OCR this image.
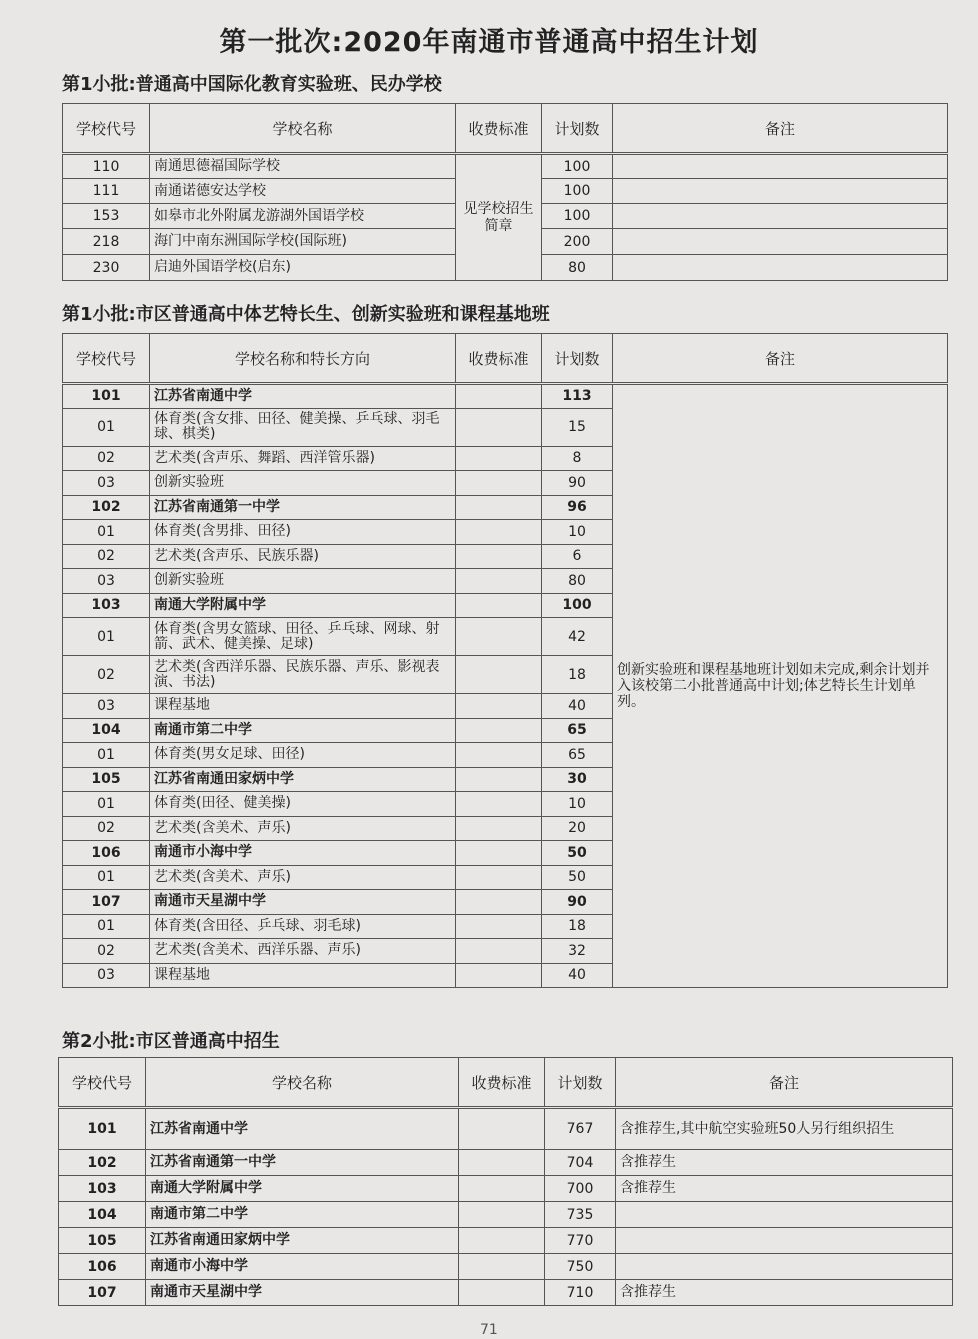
第一批次:2020年南通市普通高中招生计划
第1小批:普通高中国际化教育实验班、民办学校
学校代号	学校名称	收费标准	计划数	备注
110	南通思德福国际学校	见学校招生简章	100	
111	南通诺德安达学校		100	
153	如皋市北外附属龙游湖外国语学校		100	
218	海门中南东洲国际学校(国际班)		200	
230	启迪外国语学校(启东)		80	
第1小批:市区普通高中体艺特长生、创新实验班和课程基地班
学校代号	学校名称和特长方向	收费标准	计划数	备注
101	江苏省南通中学		113	创新实验班和课程基地班计划如未完成,剩余计划并入该校第二小批普通高中计划;体艺特长生计划单列。
01	体育类(含女排、田径、健美操、乒乓球、羽毛球、棋类)		15	
02	艺术类(含声乐、舞蹈、西洋管乐器)		8	
03	创新实验班		90	
102	江苏省南通第一中学		96	
01	体育类(含男排、田径)		10	
02	艺术类(含声乐、民族乐器)		6	
03	创新实验班		80	
103	南通大学附属中学		100	
01	体育类(含男女篮球、田径、乒乓球、网球、射箭、武术、健美操、足球)		42	
02	艺术类(含西洋乐器、民族乐器、声乐、影视表演、书法)		18	
03	课程基地		40	
104	南通市第二中学		65	
01	体育类(男女足球、田径)		65	
105	江苏省南通田家炳中学		30	
01	体育类(田径、健美操)		10	
02	艺术类(含美术、声乐)		20	
106	南通市小海中学		50	
01	艺术类(含美术、声乐)		50	
107	南通市天星湖中学		90	
01	体育类(含田径、乒乓球、羽毛球)		18	
02	艺术类(含美术、西洋乐器、声乐)		32	
03	课程基地		40	
第2小批:市区普通高中招生
学校代号	学校名称	收费标准	计划数	备注
101	江苏省南通中学		767	含推荐生,其中航空实验班50人另行组织招生
102	江苏省南通第一中学		704	含推荐生
103	南通大学附属中学		700	含推荐生
104	南通市第二中学		735	
105	江苏省南通田家炳中学		770	
106	南通市小海中学		750	
107	南通市天星湖中学		710	含推荐生
71
